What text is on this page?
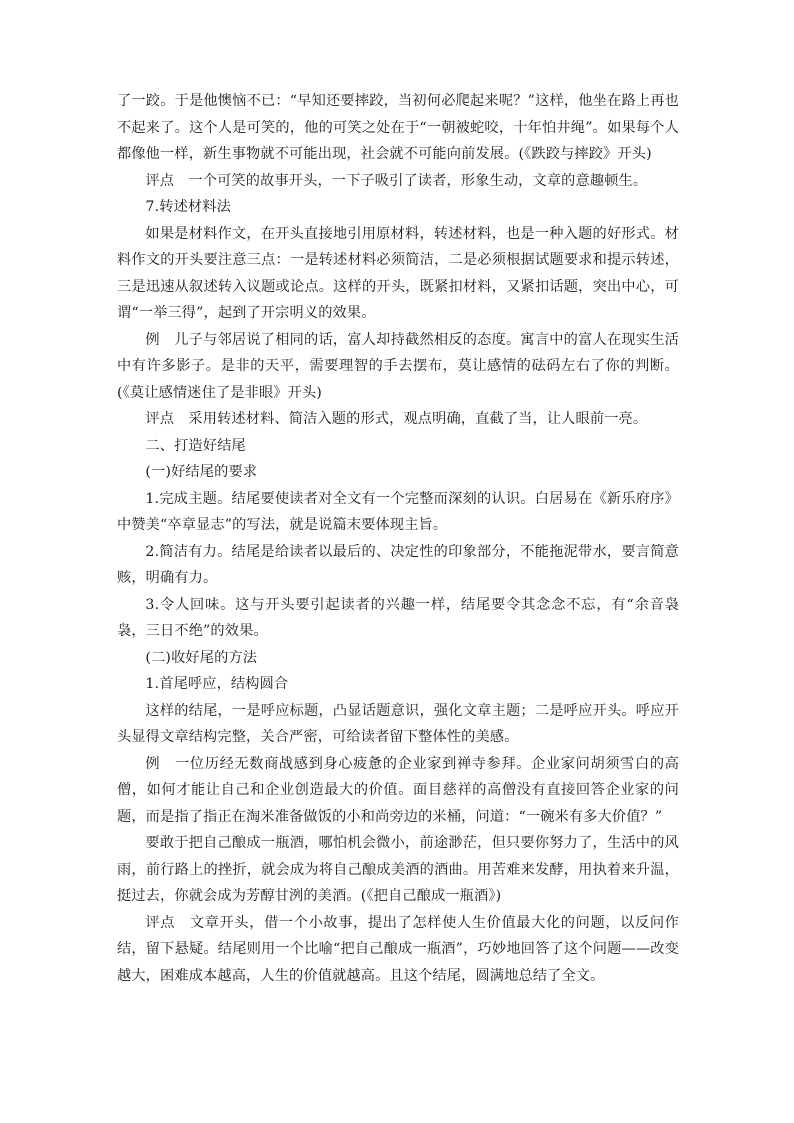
了一跤。于是他懊恼不已：“早知还要摔跤，当初何必爬起来呢？”这样，他坐在路上再也不起来了。这个人是可笑的，他的可笑之处在于“一朝被蛇咬，十年怕井绳”。如果每个人都像他一样，新生事物就不可能出现，社会就不可能向前发展。(《跌跤与摔跤》开头)

评点　一个可笑的故事开头，一下子吸引了读者，形象生动，文章的意趣顿生。

7.转述材料法

如果是材料作文，在开头直接地引用原材料，转述材料，也是一种入题的好形式。材料作文的开头要注意三点：一是转述材料必须简洁，二是必须根据试题要求和提示转述，三是迅速从叙述转入议题或论点。这样的开头，既紧扣材料，又紧扣话题，突出中心，可谓“一举三得”，起到了开宗明义的效果。

例　儿子与邻居说了相同的话，富人却持截然相反的态度。寓言中的富人在现实生活中有许多影子。是非的天平，需要理智的手去摆布，莫让感情的砝码左右了你的判断。(《莫让感情迷住了是非眼》开头)

评点　采用转述材料、简洁入题的形式，观点明确，直截了当，让人眼前一亮。

二、打造好结尾

(一)好结尾的要求

1.完成主题。结尾要使读者对全文有一个完整而深刻的认识。白居易在《新乐府序》中赞美“卒章显志”的写法，就是说篇末要体现主旨。

2.简洁有力。结尾是给读者以最后的、决定性的印象部分，不能拖泥带水，要言简意赅，明确有力。

3.令人回味。这与开头要引起读者的兴趣一样，结尾要令其念念不忘，有“余音袅袅，三日不绝”的效果。

(二)收好尾的方法

1.首尾呼应，结构圆合

这样的结尾，一是呼应标题，凸显话题意识，强化文章主题；二是呼应开头。呼应开头显得文章结构完整，关合严密，可给读者留下整体性的美感。

例　一位历经无数商战感到身心疲惫的企业家到禅寺参拜。企业家问胡须雪白的高僧，如何才能让自己和企业创造最大的价值。面目慈祥的高僧没有直接回答企业家的问题，而是指了指正在淘米准备做饭的小和尚旁边的米桶，问道：“一碗米有多大价值？”

要敢于把自己酿成一瓶酒，哪怕机会微小，前途渺茫，但只要你努力了，生活中的风雨，前行路上的挫折，就会成为将自己酿成美酒的酒曲。用苦难来发酵，用执着来升温，挺过去，你就会成为芳醇甘洌的美酒。(《把自己酿成一瓶酒》)

评点　文章开头，借一个小故事，提出了怎样使人生价值最大化的问题，以反问作结，留下悬疑。结尾则用一个比喻“把自己酿成一瓶酒”，巧妙地回答了这个问题——改变越大，困难成本越高，人生的价值就越高。且这个结尾，圆满地总结了全文。
